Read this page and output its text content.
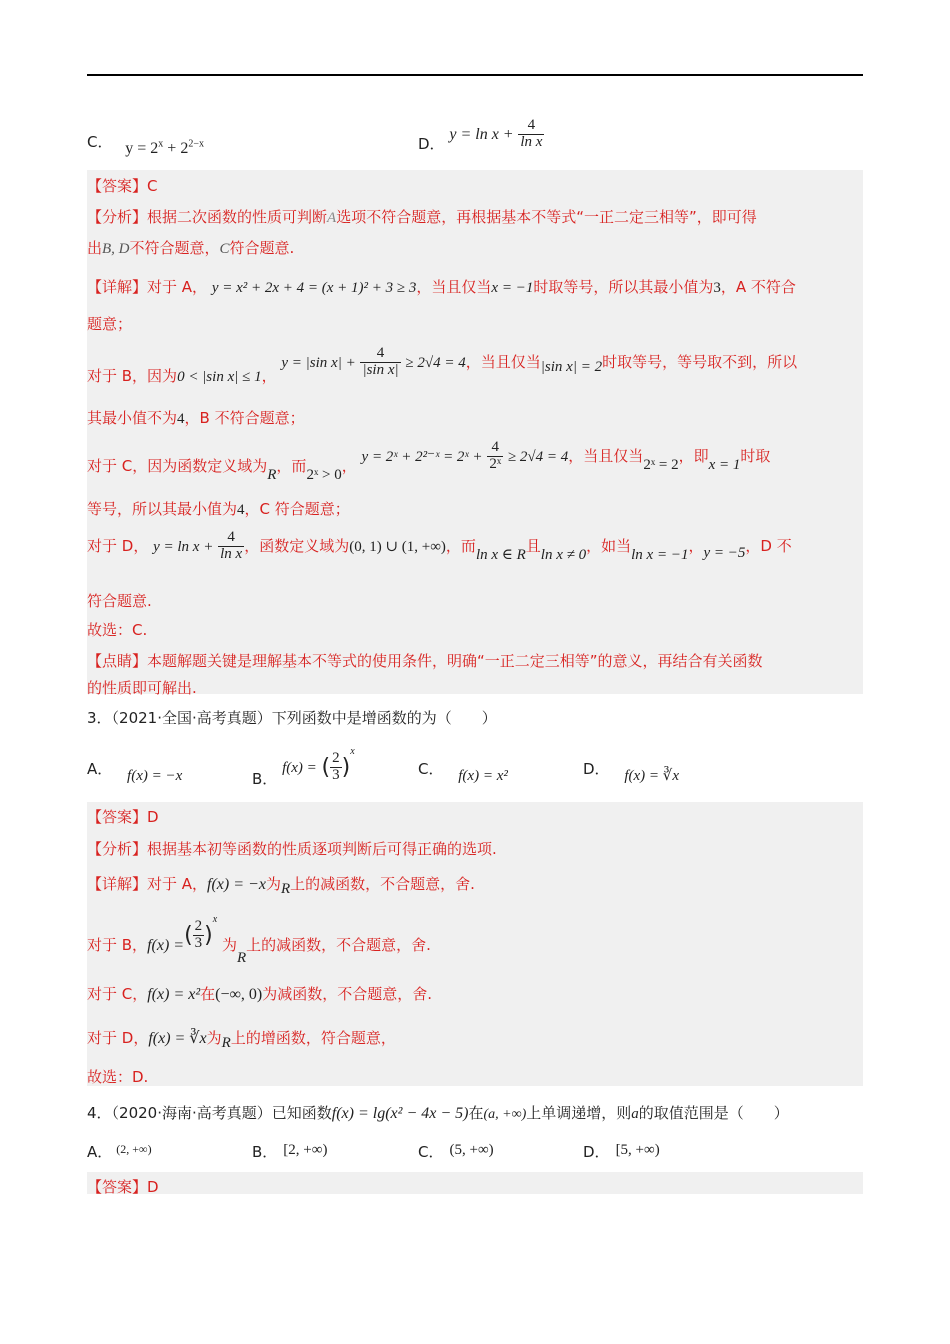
C． $y = 2^x + 2^{2-x}$	D． $y = \ln x + \frac{4}{\text{ln x}}$
【答案】C
【分析】根据二次函数的性质可判断A选项不符合题意，再根据基本不等式“一正二定三相等”，即可得
出B, D不符合题意，C符合题意.
【详解】对于 A， y = x² + 2x + 4 = (x + 1)² + 3 ≥ 3，当且仅当x = −1时取等号，所以其最小值为3，A 不符合
题意；
对于 B，因为0 < |sin x| ≤ 1， y = |sin $x| + \frac{4}{\text{|sin x|}} \ge 2√4 = 4$，当且仅当|sin x| = 2时取等号，等号取不到，所以
其最小值不为4，B 不符合题意；
对于 C，因为函数定义域为R，而2ˣ > 0， y = 2ˣ + 2²⁻ˣ = 2ˣ + $\frac{4}{\text{2ˣ}} \ge 2√4 = 4$，当且仅当2ˣ = 2，即x = 1时取
等号，所以其最小值为4，C 符合题意；
对于 D， $y = \ln x + \frac{4}{\text{ln x}}$ ，函数定义域为(0, 1) ∪ (1, +∞)，而ln x ∈ R且ln x ≠ 0，如当ln x = −1，y = −5，D 不
符合题意.
故选：C.
【点睛】本题解题关键是理解基本不等式的使用条件，明确“一正二定三相等”的意义，再结合有关函数
的性质即可解出.
3．（2021·全国·高考真题）下列函数中是增函数的为（　　）
A． f(x) = −x	B． f(x) = ( $\frac{2}{3} )^x$
C． f(x) = x²	D． f(x) = ∛x
【答案】D
【分析】根据基本初等函数的性质逐项判断后可得正确的选项.
【详解】对于 A，f(x) = −x为R上的减函数，不合题意，舍.
对于 B，f(x) =( $\frac{2}{3} )^x$ 为R上的减函数，不合题意，舍.
对于 C，f(x) = x²在(−∞, 0)为减函数，不合题意，舍.
对于 D，f(x) = ∛x为R上的增函数，符合题意，
故选：D.
4．（2020·海南·高考真题）已知函数f(x) = lg(x² − 4x − 5)在(a, +∞)上单调递增，则a的取值范围是（　　）
A． $^{(2, +\infty)}$	B． [2, +∞)	C． (5, +∞)	D． [5, +∞)
【答案】D
